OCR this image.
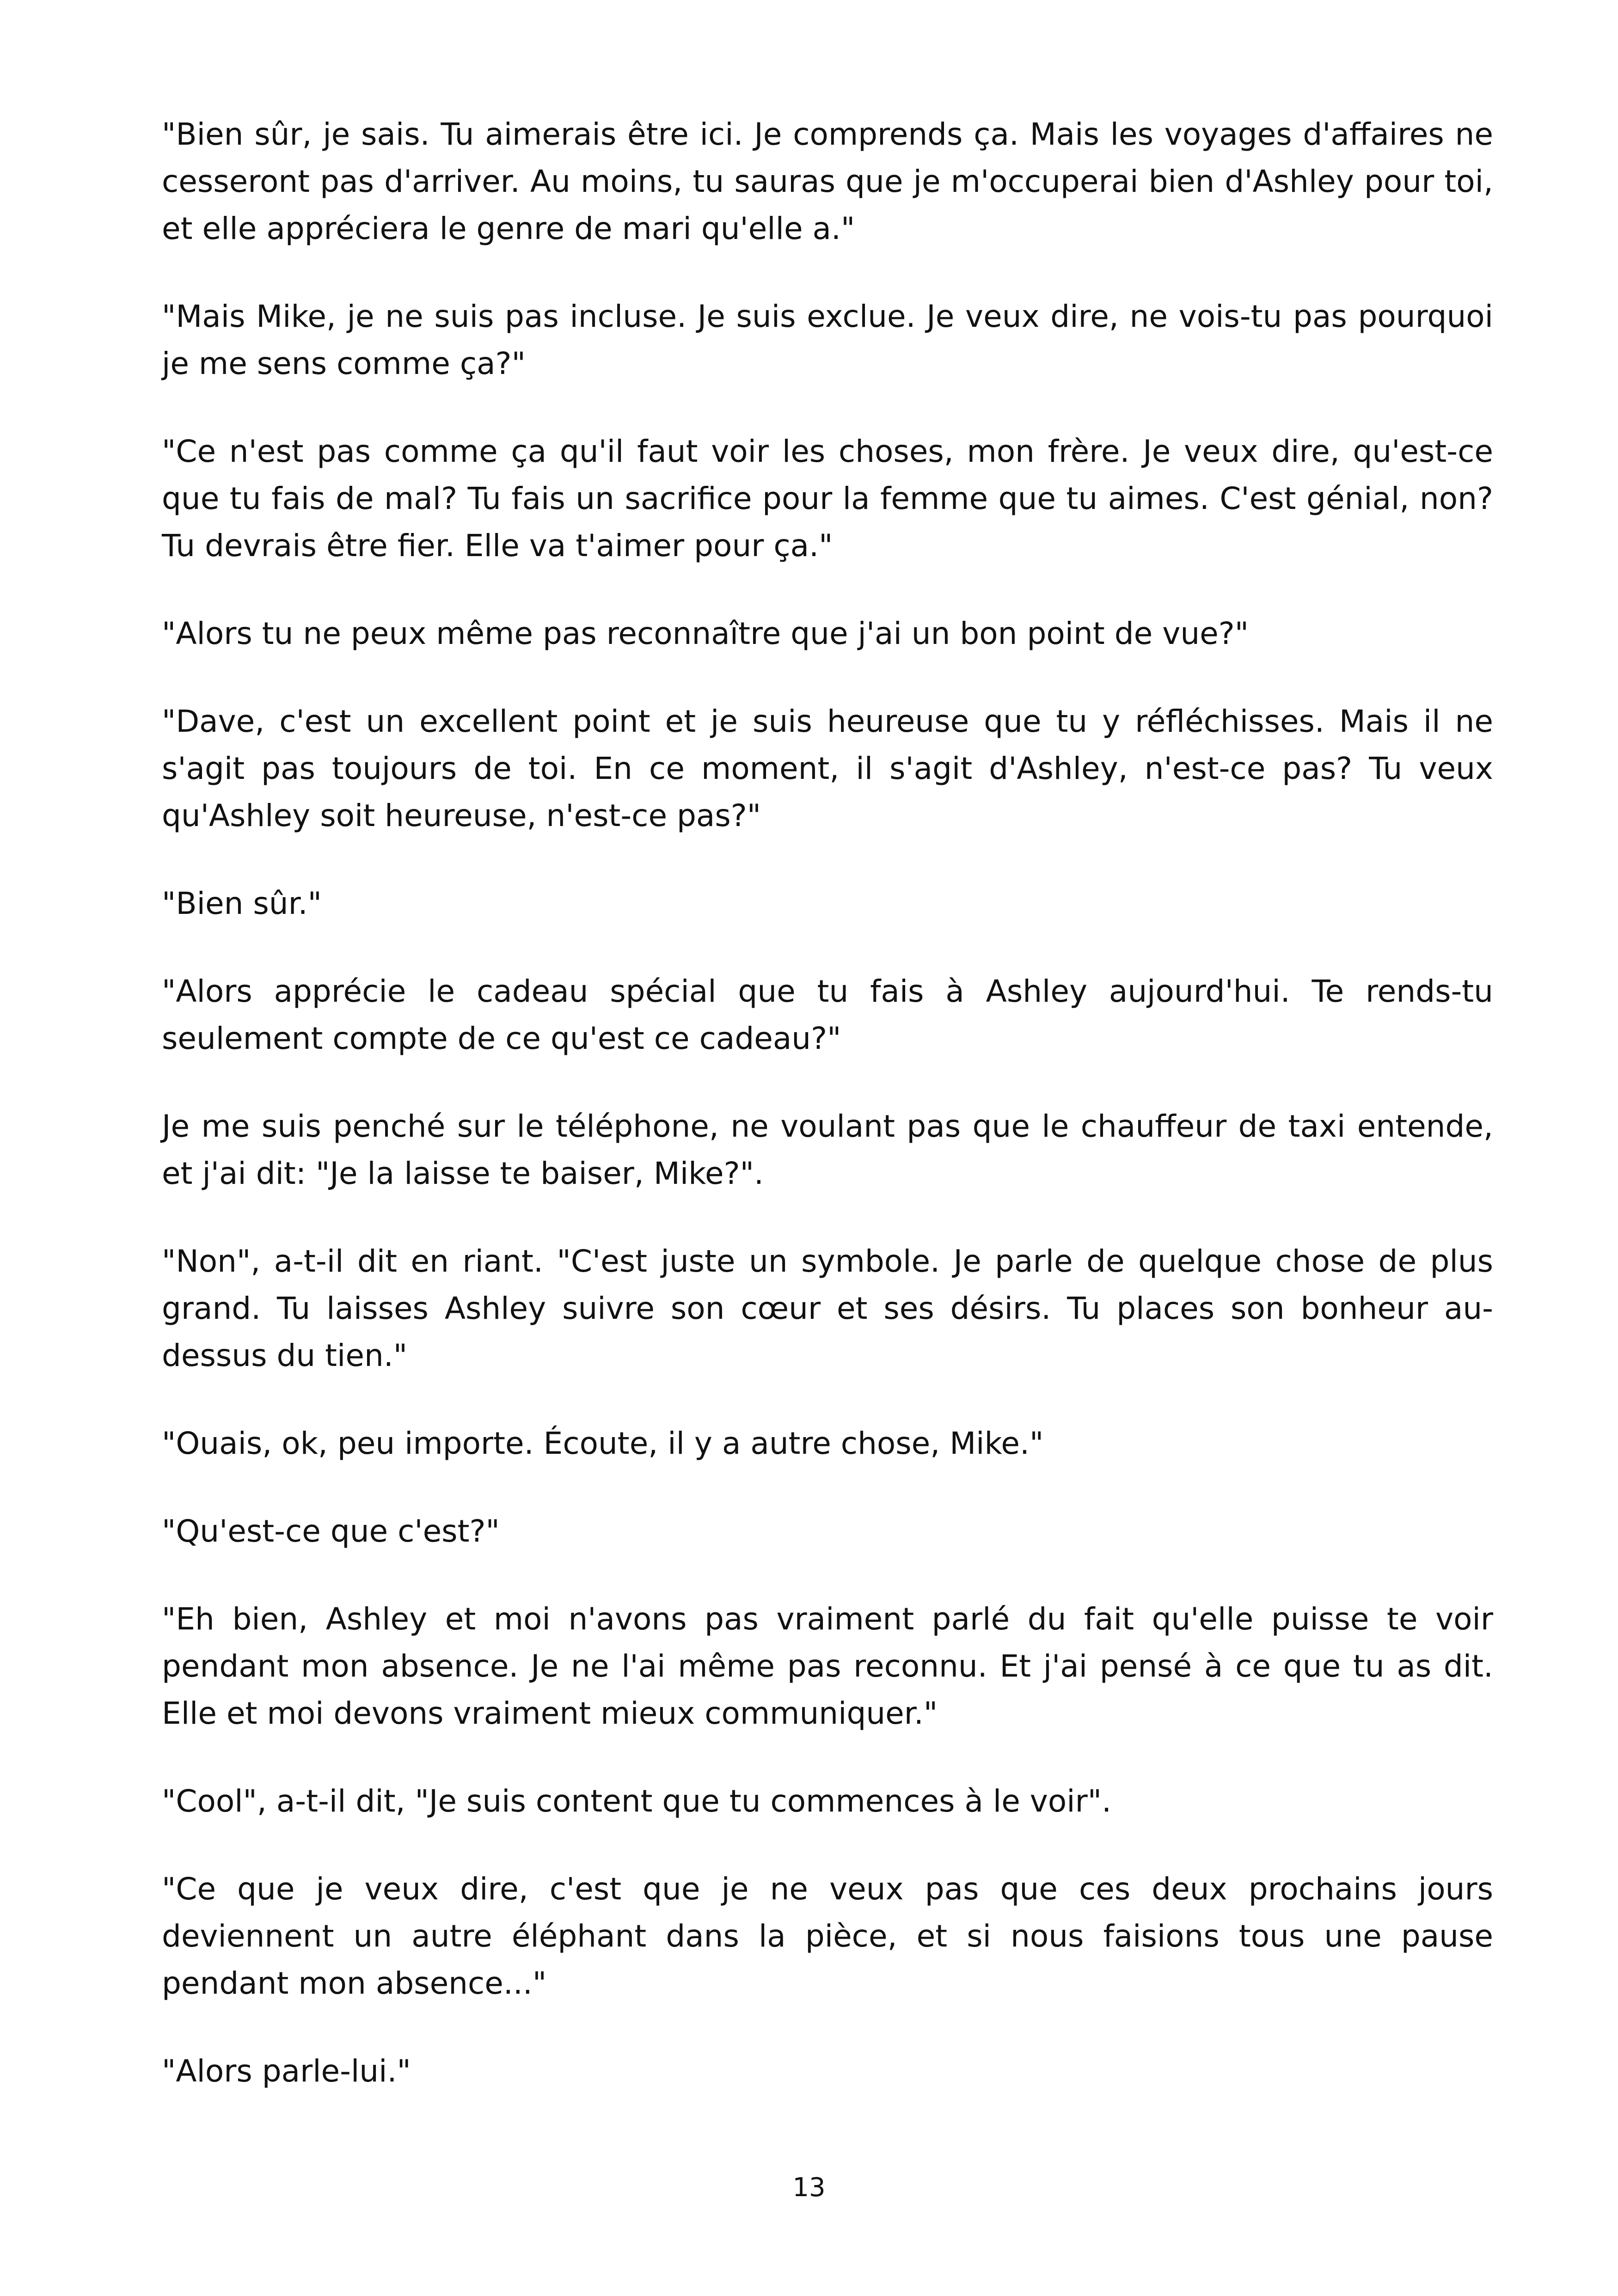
"Bien sûr, je sais. Tu aimerais être ici. Je comprends ça. Mais les voyages d'affaires ne cesseront pas d'arriver. Au moins, tu sauras que je m'occuperai bien d'Ashley pour toi, et elle appréciera le genre de mari qu'elle a."

"Mais Mike, je ne suis pas incluse. Je suis exclue. Je veux dire, ne vois-tu pas pourquoi je me sens comme ça?"

"Ce n'est pas comme ça qu'il faut voir les choses, mon frère. Je veux dire, qu'est-ce que tu fais de mal? Tu fais un sacrifice pour la femme que tu aimes. C'est génial, non? Tu devrais être fier. Elle va t'aimer pour ça."

"Alors tu ne peux même pas reconnaître que j'ai un bon point de vue?"

"Dave, c'est un excellent point et je suis heureuse que tu y réfléchisses. Mais il ne s'agit pas toujours de toi. En ce moment, il s'agit d'Ashley, n'est-ce pas? Tu veux qu'Ashley soit heureuse, n'est-ce pas?"

"Bien sûr."

"Alors apprécie le cadeau spécial que tu fais à Ashley aujourd'hui. Te rends-tu seulement compte de ce qu'est ce cadeau?"

Je me suis penché sur le téléphone, ne voulant pas que le chauffeur de taxi entende, et j'ai dit: "Je la laisse te baiser, Mike?".

"Non", a-t-il dit en riant. "C'est juste un symbole. Je parle de quelque chose de plus grand. Tu laisses Ashley suivre son cœur et ses désirs. Tu places son bonheur au-dessus du tien."

"Ouais, ok, peu importe. Écoute, il y a autre chose, Mike."

"Qu'est-ce que c'est?"

"Eh bien, Ashley et moi n'avons pas vraiment parlé du fait qu'elle puisse te voir pendant mon absence. Je ne l'ai même pas reconnu. Et j'ai pensé à ce que tu as dit. Elle et moi devons vraiment mieux communiquer."

"Cool", a-t-il dit, "Je suis content que tu commences à le voir".

"Ce que je veux dire, c'est que je ne veux pas que ces deux prochains jours deviennent un autre éléphant dans la pièce, et si nous faisions tous une pause pendant mon absence..."

"Alors parle-lui."

13
